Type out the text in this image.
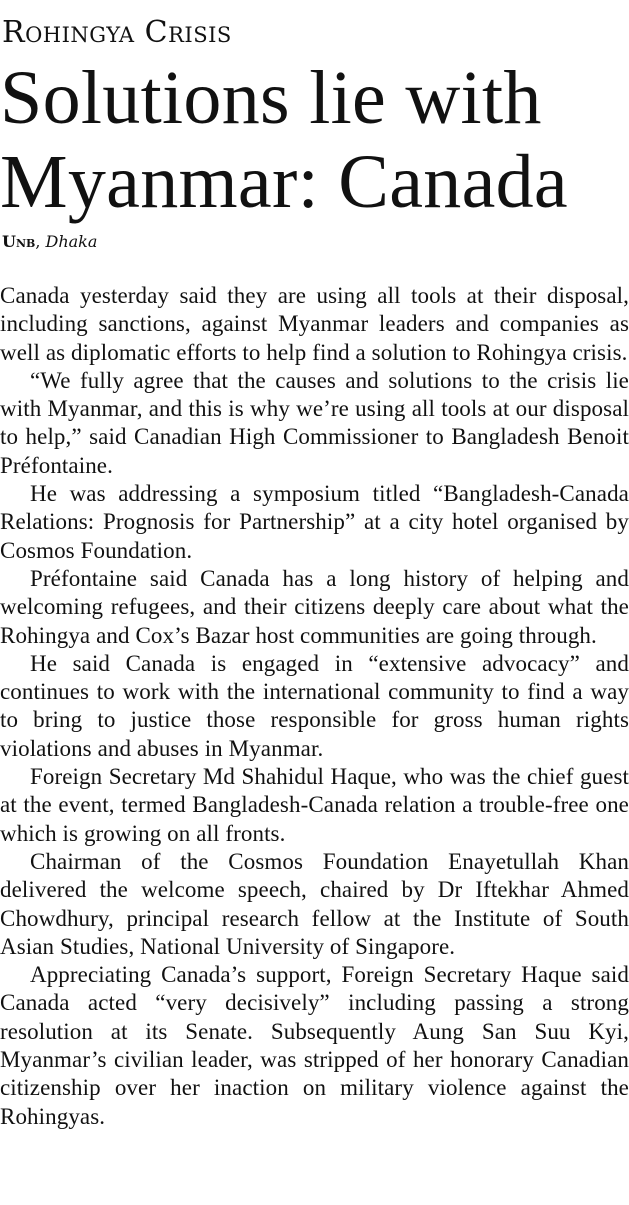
Rohingya Crisis
Solutions lie with Myanmar: Canada
Unb, Dhaka

Canada yesterday said they are using all tools at their disposal, including sanctions, against Myanmar leaders and companies as well as diplomatic efforts to help find a solution to Rohingya crisis.

“We fully agree that the causes and solutions to the crisis lie with Myanmar, and this is why we’re using all tools at our disposal to help,” said Canadian High Commissioner to Bangladesh Benoit Préfontaine.

He was addressing a symposium titled “Bangladesh-Canada Relations: Prognosis for Partnership” at a city hotel organised by Cosmos Foundation.

Préfontaine said Canada has a long history of helping and welcoming refugees, and their citizens deeply care about what the Rohingya and Cox’s Bazar host communities are going through.

He said Canada is engaged in “extensive advocacy” and continues to work with the international community to find a way to bring to justice those responsible for gross human rights violations and abuses in Myanmar.

Foreign Secretary Md Shahidul Haque, who was the chief guest at the event, termed Bangladesh-Canada relation a trouble-free one which is growing on all fronts.

Chairman of the Cosmos Foundation Enayetullah Khan delivered the welcome speech, chaired by Dr Iftekhar Ahmed Chowdhury, principal research fellow at the Institute of South Asian Studies, National University of Singapore.

Appreciating Canada’s support, Foreign Secretary Haque said Canada acted “very decisively” including passing a strong resolution at its Senate. Subsequently Aung San Suu Kyi, Myanmar’s civilian leader, was stripped of her honorary Canadian citizenship over her inaction on military violence against the Rohingyas.
